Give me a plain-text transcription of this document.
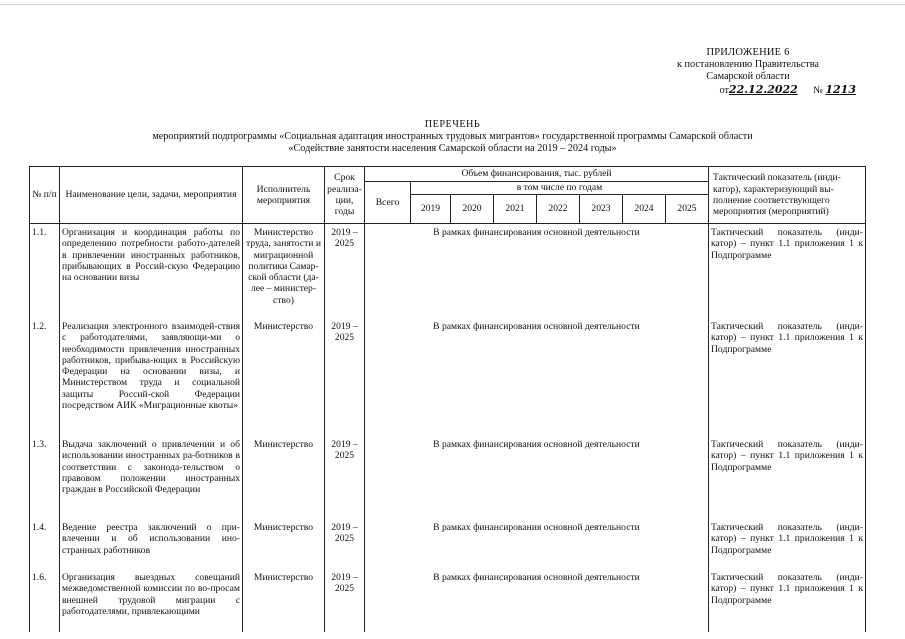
ПРИЛОЖЕНИЕ 6
к постановлению Правительства
Самарской области
от22.12.2022 № 1213
ПЕРЕЧЕНЬ
мероприятий подпрограммы «Социальная адаптация иностранных трудовых мигрантов» государственной программы Самарской области
«Содействие занятости населения Самарской области на 2019 – 2024 годы»
№ п/п	Наименование цели, задачи, мероприятия	Исполнитель мероприятия	Срок реализа-ции, годы	Объем финансирования, тыс. рублей								Тактический показатель (инди-катор), характеризующий вы-полнение соответствующего мероприятия (мероприятий)
				Всего	в том числе по годам							
					2019	2020	2021	2022	2023	2024	2025	
1.1.	Организация и координация работы по определению потребности работо-дателей в привлечении иностранных работников, прибывающих в Россий-скую Федерацию на основании визы	Министерство труда, занятости и миграционной политики Самар-ской области (да-лее – министер-ство)	2019 – 2025	В рамках финансирования основной деятельности								Тактический показатель (инди-катор) – пункт 1.1 приложения 1 к Подпрограмме
1.2.	Реализация электронного взаимодей-ствия с работодателями, заявляющи-ми о необходимости привлечения иностранных работников, прибыва-ющих в Российскую Федерации на основании визы, и Министерством труда и социальной защиты Россий-ской Федерации посредством АИК «Миграционные квоты»	Министерство	2019 – 2025	В рамках финансирования основной деятельности								Тактический показатель (инди-катор) – пункт 1.1 приложения 1 к Подпрограмме
1.3.	Выдача заключений о привлечении и об использовании иностранных ра-ботников в соответствии с законода-тельством о правовом положении иностранных граждан в Российской Федерации	Министерство	2019 – 2025	В рамках финансирования основной деятельности								Тактический показатель (инди-катор) – пункт 1.1 приложения 1 к Подпрограмме
1.4.	Ведение реестра заключений о при-влечении и об использовании ино-странных работников	Министерство	2019 – 2025	В рамках финансирования основной деятельности								Тактический показатель (инди-катор) – пункт 1.1 приложения 1 к Подпрограмме
1.6.	Организация выездных совещаний межведомственной комиссии по во-просам внешней трудовой миграции с работодателями, привлекающими	Министерство	2019 – 2025	В рамках финансирования основной деятельности								Тактический показатель (инди-катор) – пункт 1.1 приложения 1 к Подпрограмме
